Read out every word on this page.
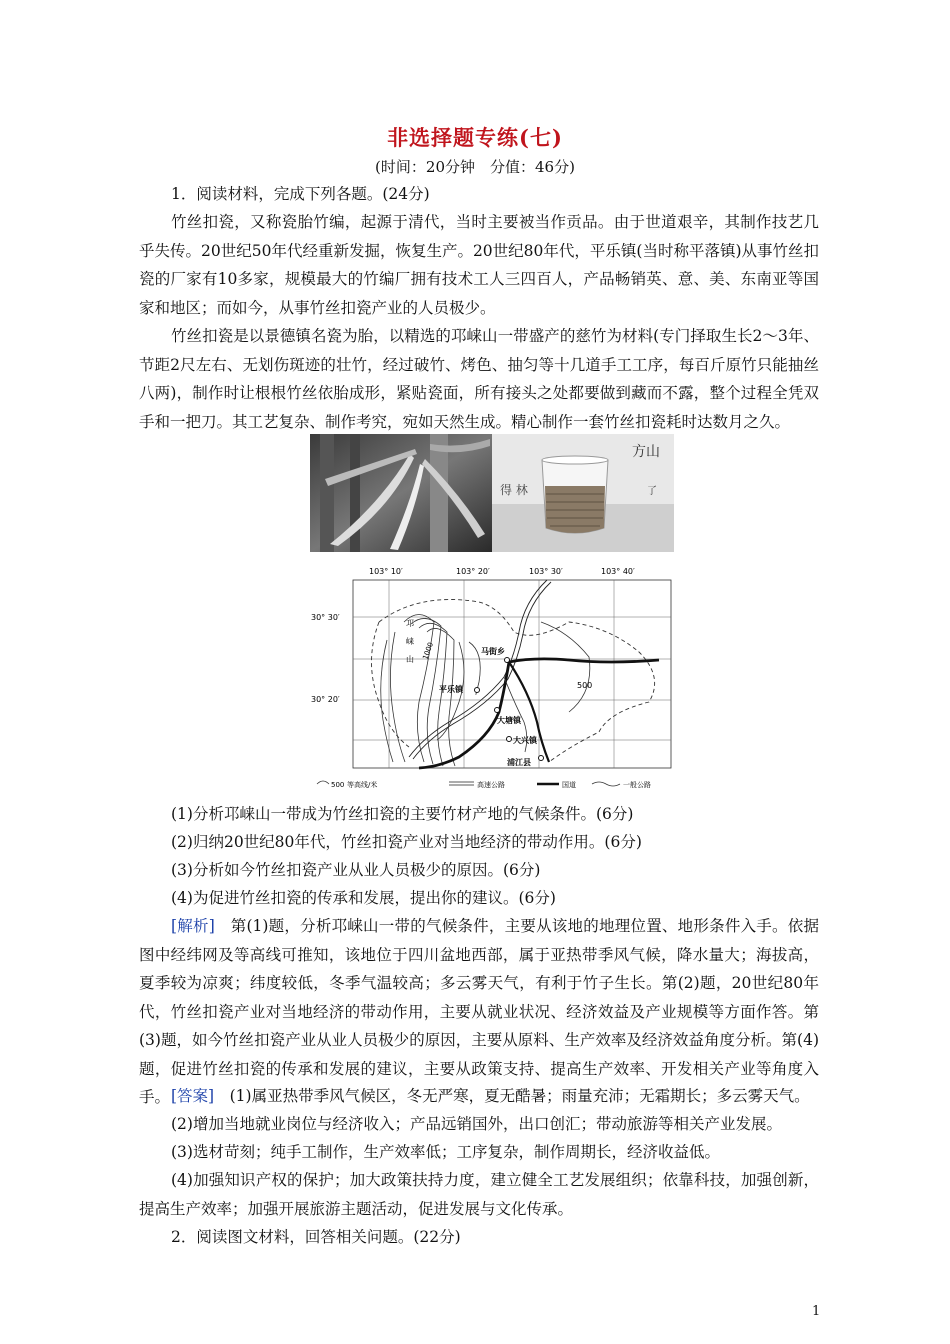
非选择题专练(七)
(时间：20分钟　分值：46分)
1．阅读材料，完成下列各题。(24分)
竹丝扣瓷，又称瓷胎竹编，起源于清代，当时主要被当作贡品。由于世道艰辛，其制作技艺几乎失传。20世纪50年代经重新发掘，恢复生产。20世纪80年代，平乐镇(当时称平落镇)从事竹丝扣瓷的厂家有10多家，规模最大的竹编厂拥有技术工人三四百人，产品畅销英、意、美、东南亚等国家和地区；而如今，从事竹丝扣瓷产业的人员极少。
竹丝扣瓷是以景德镇名瓷为胎，以精选的邛崃山一带盛产的慈竹为材料(专门择取生长2～3年、节距2尺左右、无划伤斑迹的壮竹，经过破竹、烤色、抽匀等十几道手工工序，每百斤原竹只能抽丝八两)，制作时让根根竹丝依胎成形，紧贴瓷面，所有接头之处都要做到藏而不露，整个过程全凭双手和一把刀。其工艺复杂、制作考究，宛如天然生成。精心制作一套竹丝扣瓷耗时达数月之久。
方山
得 林	了
103° 10′	103° 20′	103° 30′	103° 40′
30° 30′
30° 20′
邛
崃
山 1000
500
马街乡
平乐镇
大塘镇
大兴镇
浦江县
500 等高线/米	高速公路	国道	一般公路
(1)分析邛崃山一带成为竹丝扣瓷的主要竹材产地的气候条件。(6分)
(2)归纳20世纪80年代，竹丝扣瓷产业对当地经济的带动作用。(6分)
(3)分析如今竹丝扣瓷产业从业人员极少的原因。(6分)
(4)为促进竹丝扣瓷的传承和发展，提出你的建议。(6分)
[解析]　第(1)题，分析邛崃山一带的气候条件，主要从该地的地理位置、地形条件入手。依据图中经纬网及等高线可推知，该地位于四川盆地西部，属于亚热带季风气候，降水量大；海拔高，夏季较为凉爽；纬度较低，冬季气温较高；多云雾天气，有利于竹子生长。第(2)题，20世纪80年代，竹丝扣瓷产业对当地经济的带动作用，主要从就业状况、经济效益及产业规模等方面作答。第(3)题，如今竹丝扣瓷产业从业人员极少的原因，主要从原料、生产效率及经济效益角度分析。第(4)题，促进竹丝扣瓷的传承和发展的建议，主要从政策支持、提高生产效率、开发相关产业等角度入手。 [答案]　(1)属亚热带季风气候区，冬无严寒，夏无酷暑；雨量充沛；无霜期长；多云雾天气。
(2)增加当地就业岗位与经济收入；产品远销国外，出口创汇；带动旅游等相关产业发展。
(3)选材苛刻；纯手工制作，生产效率低；工序复杂，制作周期长，经济收益低。
(4)加强知识产权的保护；加大政策扶持力度，建立健全工艺发展组织；依靠科技，加强创新，提高生产效率；加强开展旅游主题活动，促进发展与文化传承。
2．阅读图文材料，回答相关问题。(22分)
1
